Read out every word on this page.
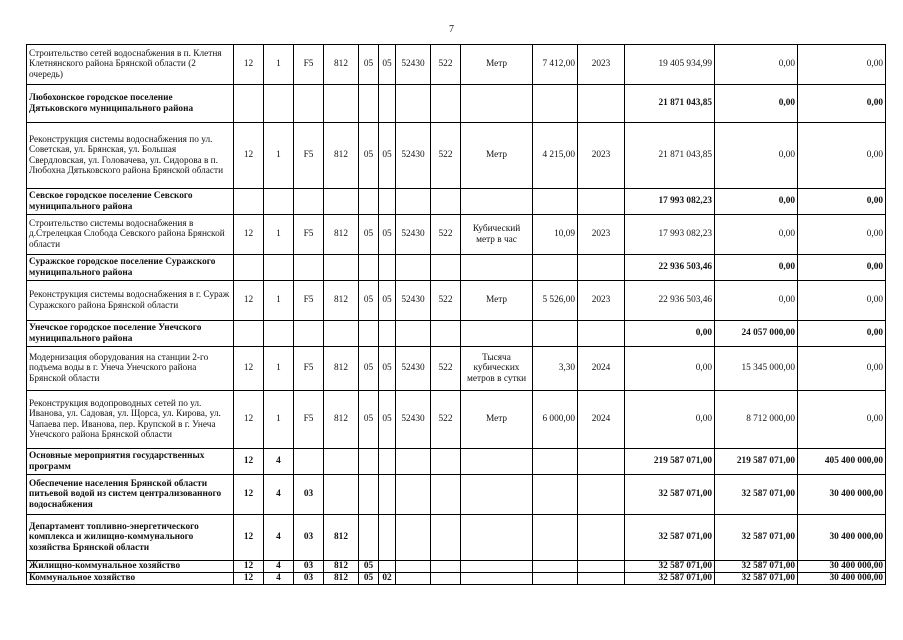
7
Строительство сетей водоснабжения в п. Клетня Клетнянского района Брянской области (2 очередь)	12	1	F5	812	05	05	52430	522	Метр	7 412,00	2023	19 405 934,99	0,00	0,00
Любохонское городское поселение Дятьковского муниципального района												21 871 043,85	0,00	0,00
Реконструкция системы водоснабжения по ул. Советская, ул. Брянская, ул. Большая Свердловская, ул. Головачева, ул. Сидорова в п. Любохна Дятьковского района Брянской области	12	1	F5	812	05	05	52430	522	Метр	4 215,00	2023	21 871 043,85	0,00	0,00
Севское городское поселение Севского муниципального района												17 993 082,23	0,00	0,00
Строительство системы водоснабжения в д.Стрелецкая Слобода Севского района Брянской области	12	1	F5	812	05	05	52430	522	Кубический метр в час	10,09	2023	17 993 082,23	0,00	0,00
Суражское городское поселение Суражского муниципального района												22 936 503,46	0,00	0,00
Реконструкция системы водоснабжения в г. Сураж Суражского района Брянской области	12	1	F5	812	05	05	52430	522	Метр	5 526,00	2023	22 936 503,46	0,00	0,00
Унечское городское поселение Унечского муниципального района												0,00	24 057 000,00	0,00
Модернизация оборудования на станции 2-го подъема воды в г. Унеча Унечского района Брянской области	12	1	F5	812	05	05	52430	522	Тысяча кубических метров в сутки	3,30	2024	0,00	15 345 000,00	0,00
Реконструкция водопроводных сетей по ул. Иванова, ул. Садовая, ул. Щорса, ул. Кирова, ул. Чапаева пер. Иванова, пер. Крупской в г. Унеча Унечского района Брянской области	12	1	F5	812	05	05	52430	522	Метр	6 000,00	2024	0,00	8 712 000,00	0,00
Основные мероприятия государственных программ	12	4										219 587 071,00	219 587 071,00	405 400 000,00
Обеспечение населения Брянской области питьевой водой из систем централизованного водоснабжения	12	4	03									32 587 071,00	32 587 071,00	30 400 000,00
Департамент топливно-энергетического комплекса и жилищно-коммунального хозяйства Брянской области	12	4	03	812								32 587 071,00	32 587 071,00	30 400 000,00
Жилищно-коммунальное хозяйство	12	4	03	812	05							32 587 071,00	32 587 071,00	30 400 000,00
Коммунальное хозяйство	12	4	03	812	05	02						32 587 071,00	32 587 071,00	30 400 000,00
